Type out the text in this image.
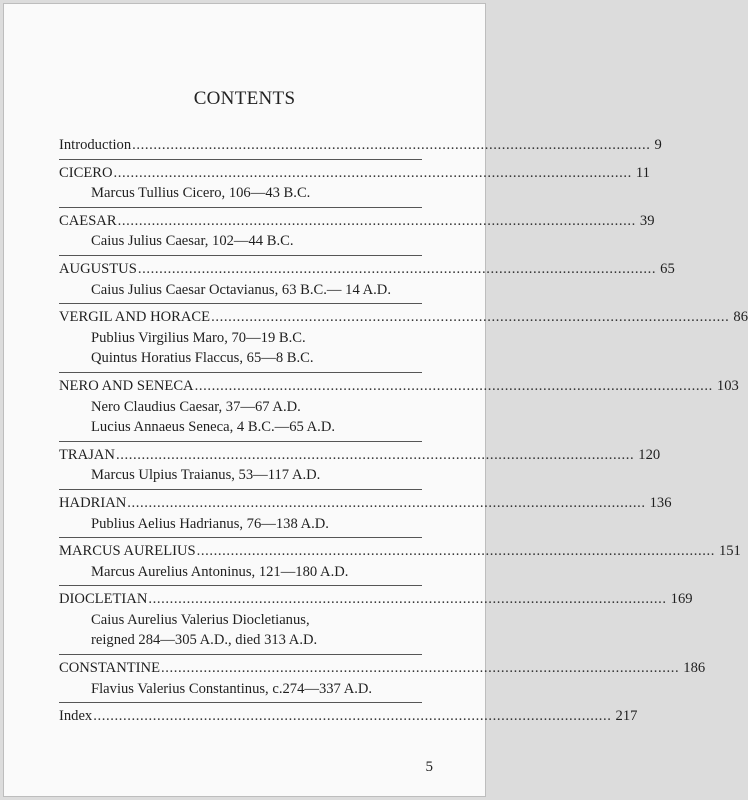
CONTENTS
Introduction .......................................................................................................................... 9
CICERO .......................................................................................................................... 11
Marcus Tullius Cicero, 106—43 B.C.
CAESAR .......................................................................................................................... 39
Caius Julius Caesar, 102—44 B.C.
AUGUSTUS .......................................................................................................................... 65
Caius Julius Caesar Octavianus, 63 B.C.— 14 A.D.
VERGIL AND HORACE .......................................................................................................................... 86
Publius Virgilius Maro, 70—19 B.C.
Quintus Horatius Flaccus, 65—8 B.C.
NERO AND SENECA .......................................................................................................................... 103
Nero Claudius Caesar, 37—67 A.D.
Lucius Annaeus Seneca, 4 B.C.—65 A.D.
TRAJAN .......................................................................................................................... 120
Marcus Ulpius Traianus, 53—117 A.D.
HADRIAN .......................................................................................................................... 136
Publius Aelius Hadrianus, 76—138 A.D.
MARCUS AURELIUS .......................................................................................................................... 151
Marcus Aurelius Antoninus, 121—180 A.D.
DIOCLETIAN .......................................................................................................................... 169
Caius Aurelius Valerius Diocletianus,
reigned 284—305 A.D., died 313 A.D.
CONSTANTINE .......................................................................................................................... 186
Flavius Valerius Constantinus, c.274—337 A.D.
Index .......................................................................................................................... 217
5
